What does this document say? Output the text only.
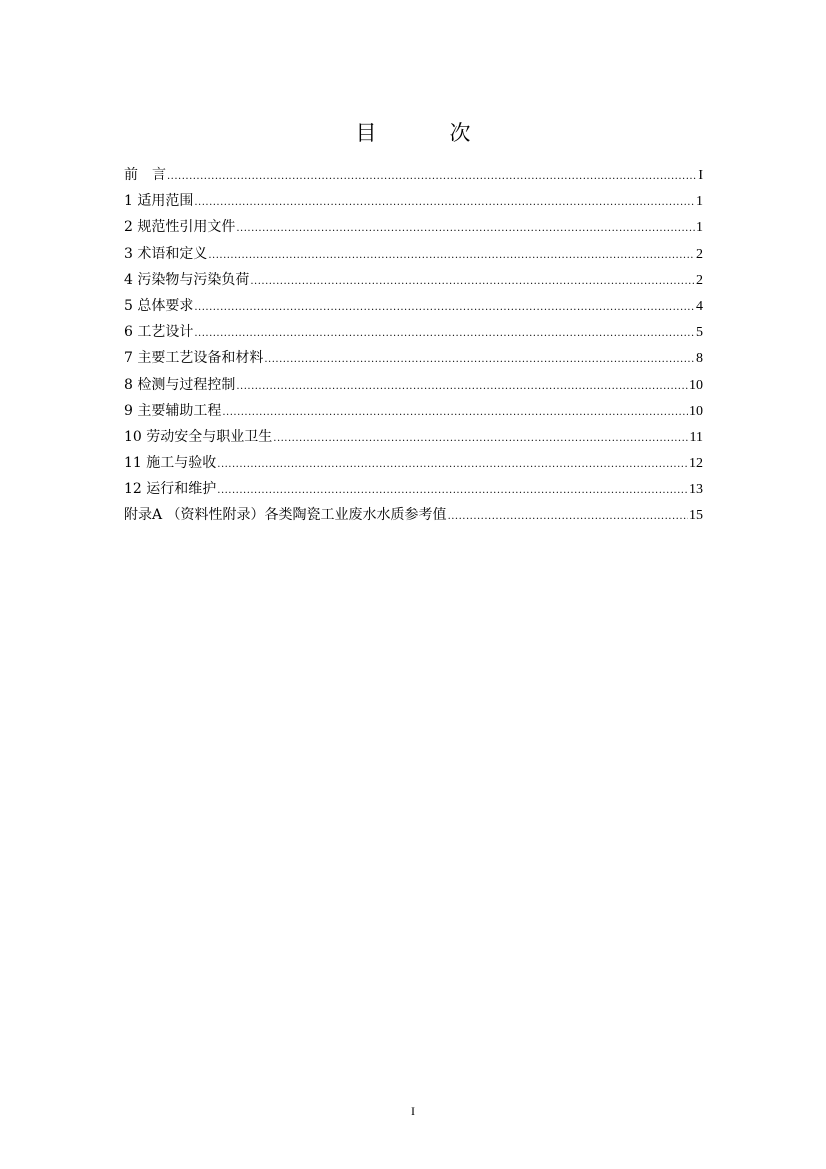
目　次
前　言 .....	I
1 适用范围 .....	1
2 规范性引用文件 .....	1
3 术语和定义 .....	2
4 污染物与污染负荷 .....	2
5 总体要求 .....	4
6 工艺设计 .....	5
7 主要工艺设备和材料 .....	8
8 检测与过程控制 .....	10
9 主要辅助工程 .....	10
10 劳动安全与职业卫生 .....	11
11 施工与验收 .....	12
12 运行和维护 .....	13
附录A （资料性附录）各类陶瓷工业废水水质参考值 .....	15
I
